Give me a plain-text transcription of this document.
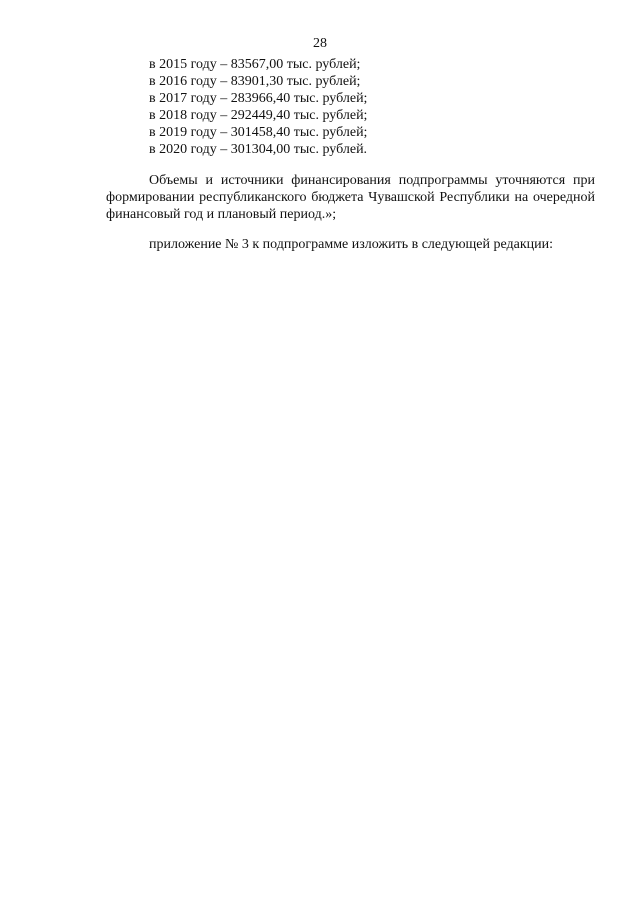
28
в 2015 году – 83567,00 тыс. рублей;
в 2016 году – 83901,30 тыс. рублей;
в 2017 году – 283966,40 тыс. рублей;
в 2018 году – 292449,40 тыс. рублей;
в 2019 году – 301458,40 тыс. рублей;
в 2020 году – 301304,00 тыс. рублей.

Объемы и источники финансирования подпрограммы уточняются при формировании республиканского бюджета Чувашской Республики на очередной финансовый год и плановый период.»;

приложение № 3 к подпрограмме изложить в следующей редакции:
